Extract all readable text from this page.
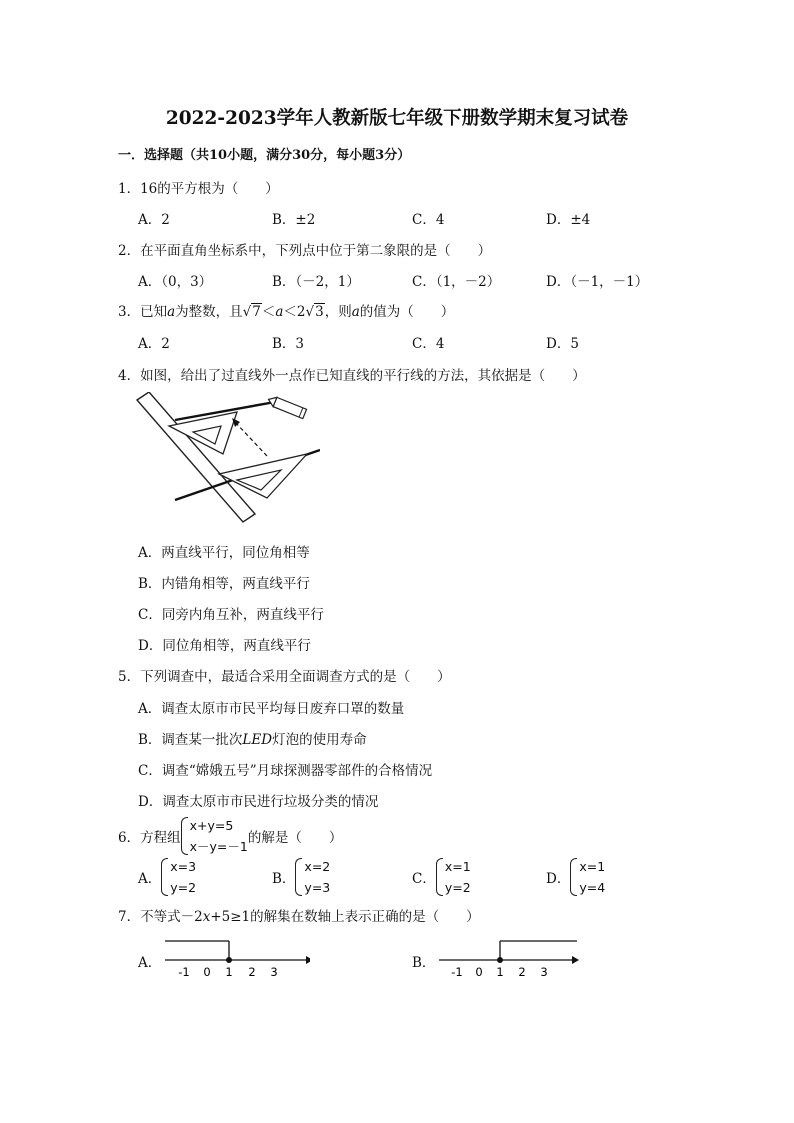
2022-2023学年人教新版七年级下册数学期末复习试卷
一．选择题（共10小题，满分30分，每小题3分）
1．16的平方根为（　　）
A．2	B．±2	C．4	D．±4
2．在平面直角坐标系中，下列点中位于第二象限的是（　　）
A．（0，3）	B．（－2，1）	C．（1，－2）	D．（－1，－1）
3．已知a为整数，且√7＜a＜2√3，则a的值为（　　）
A．2	B．3	C．4	D．5
4．如图，给出了过直线外一点作已知直线的平行线的方法，其依据是（　　）
A．两直线平行，同位角相等
B．内错角相等，两直线平行
C．同旁内角互补，两直线平行
D．同位角相等，两直线平行
5．下列调查中，最适合采用全面调查方式的是（　　）
A．调查太原市市民平均每日废弃口罩的数量
B．调查某一批次LED灯泡的使用寿命
C．调查“嫦娥五号”月球探测器零部件的合格情况
D．调查太原市市民进行垃圾分类的情况
6．方程组
x+y=5
x－y=－1
的解是（　　）
A．
x=3
y=2
B．
x=2
y=3
C．
x=1
y=2
D．
x=1
y=4
7．不等式－2x+5≥1的解集在数轴上表示正确的是（　　）
A．
-1 0 1 2 3
B．
-1 0 1 2 3
